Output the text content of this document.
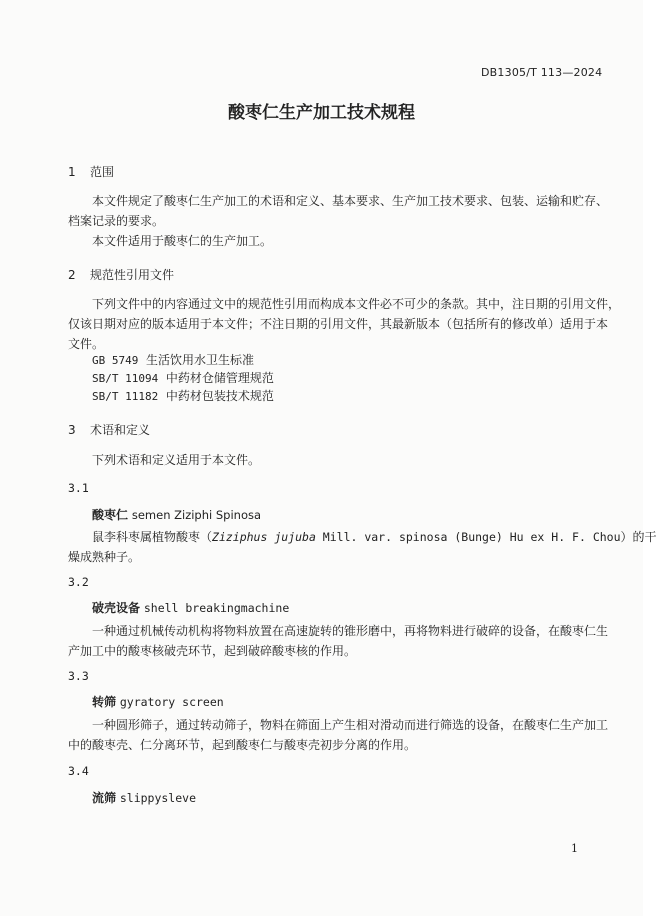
DB1305/T 113—2024
酸枣仁生产加工技术规程
1 范围
本文件规定了酸枣仁生产加工的术语和定义、基本要求、生产加工技术要求、包装、运输和贮存、
档案记录的要求。
本文件适用于酸枣仁的生产加工。
2 规范性引用文件
下列文件中的内容通过文中的规范性引用而构成本文件必不可少的条款。其中，注日期的引用文件，
仅该日期对应的版本适用于本文件；不注日期的引用文件，其最新版本（包括所有的修改单）适用于本
文件。
GB 5749 生活饮用水卫生标准
SB/T 11094 中药材仓储管理规范
SB/T 11182 中药材包装技术规范
3 术语和定义
下列术语和定义适用于本文件。
3.1
酸枣仁 semen Ziziphi Spinosa
鼠李科枣属植物酸枣（Ziziphus jujuba Mill. var. spinosa (Bunge) Hu ex H. F. Chou）的干
燥成熟种子。
3.2
破壳设备 shell breakingmachine
一种通过机械传动机构将物料放置在高速旋转的锥形磨中，再将物料进行破碎的设备，在酸枣仁生
产加工中的酸枣核破壳环节，起到破碎酸枣核的作用。
3.3
转筛 gyratory screen
一种圆形筛子，通过转动筛子，物料在筛面上产生相对滑动而进行筛选的设备，在酸枣仁生产加工
中的酸枣壳、仁分离环节，起到酸枣仁与酸枣壳初步分离的作用。
3.4
流筛 slippysleve
1
